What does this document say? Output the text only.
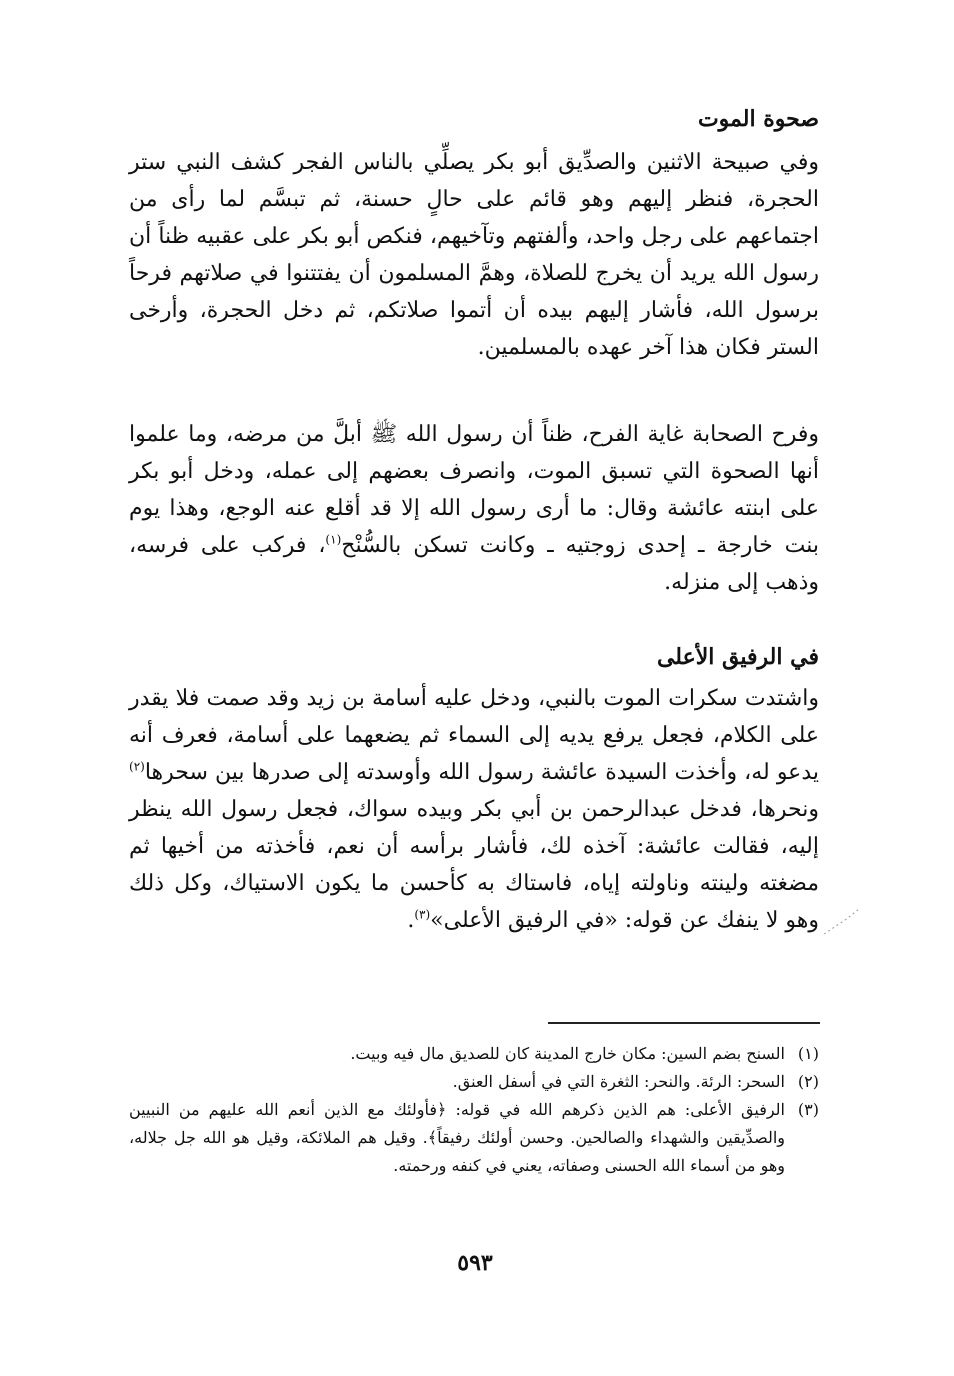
صحوة الموت

وفي صبيحة الاثنين والصدِّيق أبو بكر يصلِّي بالناس الفجر كشف النبي ستر الحجرة، فنظر إليهم وهو قائم على حالٍ حسنة، ثم تبسَّم لما رأى من اجتماعهم على رجل واحد، وألفتهم وتآخيهم، فنكص أبو بكر على عقبيه ظناً أن رسول الله يريد أن يخرج للصلاة، وهمَّ المسلمون أن يفتتنوا في صلاتهم فرحاً برسول الله، فأشار إليهم بيده أن أتموا صلاتكم، ثم دخل الحجرة، وأرخى الستر فكان هذا آخر عهده بالمسلمين.

وفرح الصحابة غاية الفرح، ظناً أن رسول الله ﷺ أبلَّ من مرضه، وما علموا أنها الصحوة التي تسبق الموت، وانصرف بعضهم إلى عمله، ودخل أبو بكر على ابنته عائشة وقال: ما أرى رسول الله إلا قد أقلع عنه الوجع، وهذا يوم بنت خارجة ـ إحدى زوجتيه ـ وكانت تسكن بالسُّنْح$^{(١)}$، فركب على فرسه، وذهب إلى منزله.

في الرفيق الأعلى

واشتدت سكرات الموت بالنبي، ودخل عليه أسامة بن زيد وقد صمت فلا يقدر على الكلام، فجعل يرفع يديه إلى السماء ثم يضعهما على أسامة، فعرف أنه يدعو له، وأخذت السيدة عائشة رسول الله وأوسدته إلى صدرها بين سحرها$^{(٢)}$ ونحرها، فدخل عبدالرحمن بن أبي بكر وبيده سواك، فجعل رسول الله ينظر إليه، فقالت عائشة: آخذه لك، فأشار برأسه أن نعم، فأخذته من أخيها ثم مضغته ولينته وناولته إياه، فاستاك به كأحسن ما يكون الاستياك، وكل ذلك وهو لا ينفك عن قوله: «في الرفيق الأعلى»$^{(٣)}$.

(١)
السنح بضم السين: مكان خارج المدينة كان للصديق مال فيه وبيت.
(٢)
السحر: الرئة. والنحر: الثغرة التي في أسفل العنق.
(٣)
الرفيق الأعلى: هم الذين ذكرهم الله في قوله: ﴿فأولئك مع الذين أنعم الله عليهم من النبيين والصدِّيقين والشهداء والصالحين. وحسن أولئك رفيقاً﴾. وقيل هم الملائكة، وقيل هو الله جل جلاله، وهو من أسماء الله الحسنى وصفاته، يعني في كنفه ورحمته.
٥٩٣
